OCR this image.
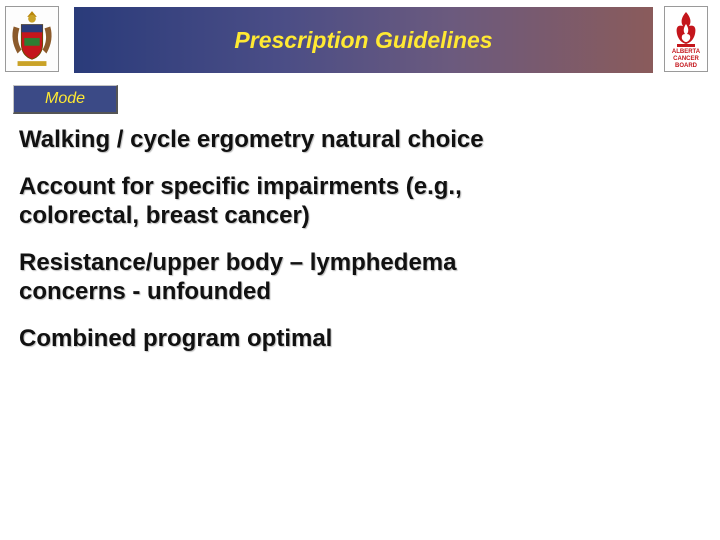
Prescription Guidelines	ALBERTA
CANCER
BOARD
Mode
Walking / cycle ergometry natural choice
Account for specific impairments (e.g., colorectal, breast cancer)
Resistance/upper body – lymphedema concerns - unfounded
Combined program optimal
